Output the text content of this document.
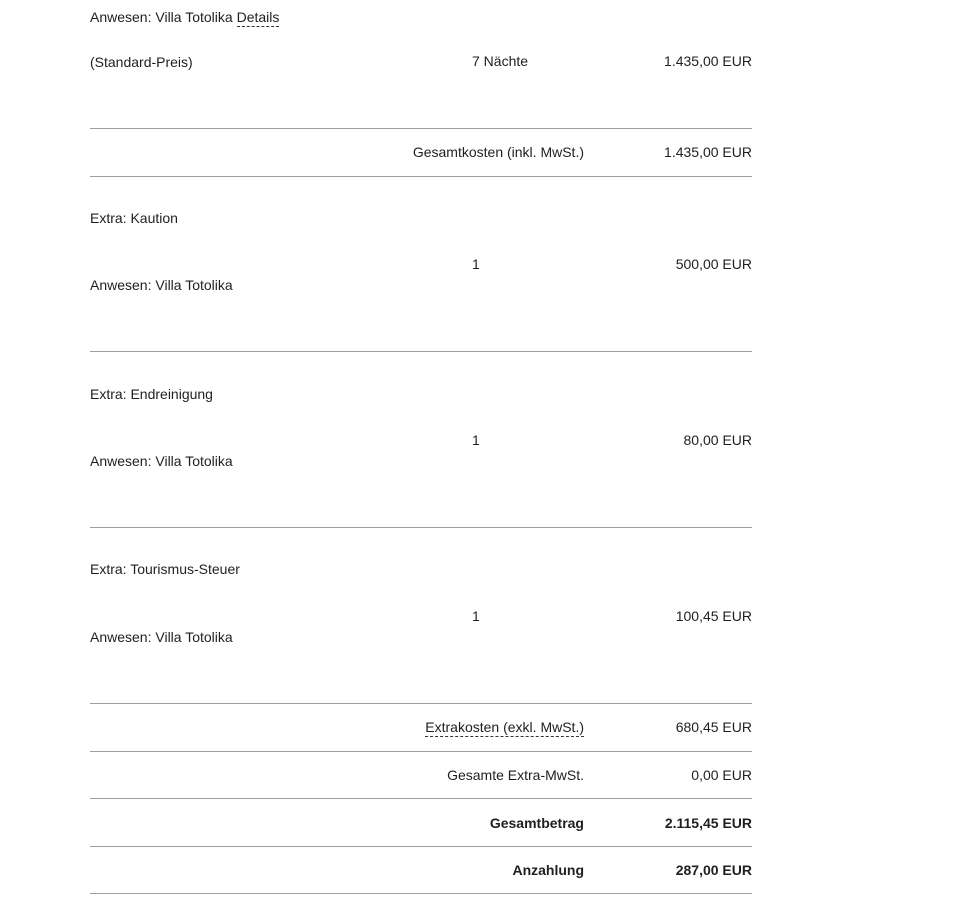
Anwesen: Villa Totolika Details
(Standard-Preis)	7 Nächte	1.435,00 EUR
Gesamtkosten (inkl. MwSt.)	1.435,00 EUR
Extra: Kaution
1	500,00 EUR
Anwesen: Villa Totolika
Extra: Endreinigung
1	80,00 EUR
Anwesen: Villa Totolika
Extra: Tourismus-Steuer
1	100,45 EUR
Anwesen: Villa Totolika
Extrakosten (exkl. MwSt.)	680,45 EUR
Gesamte Extra-MwSt.	0,00 EUR
Gesamtbetrag	2.115,45 EUR
Anzahlung	287,00 EUR
